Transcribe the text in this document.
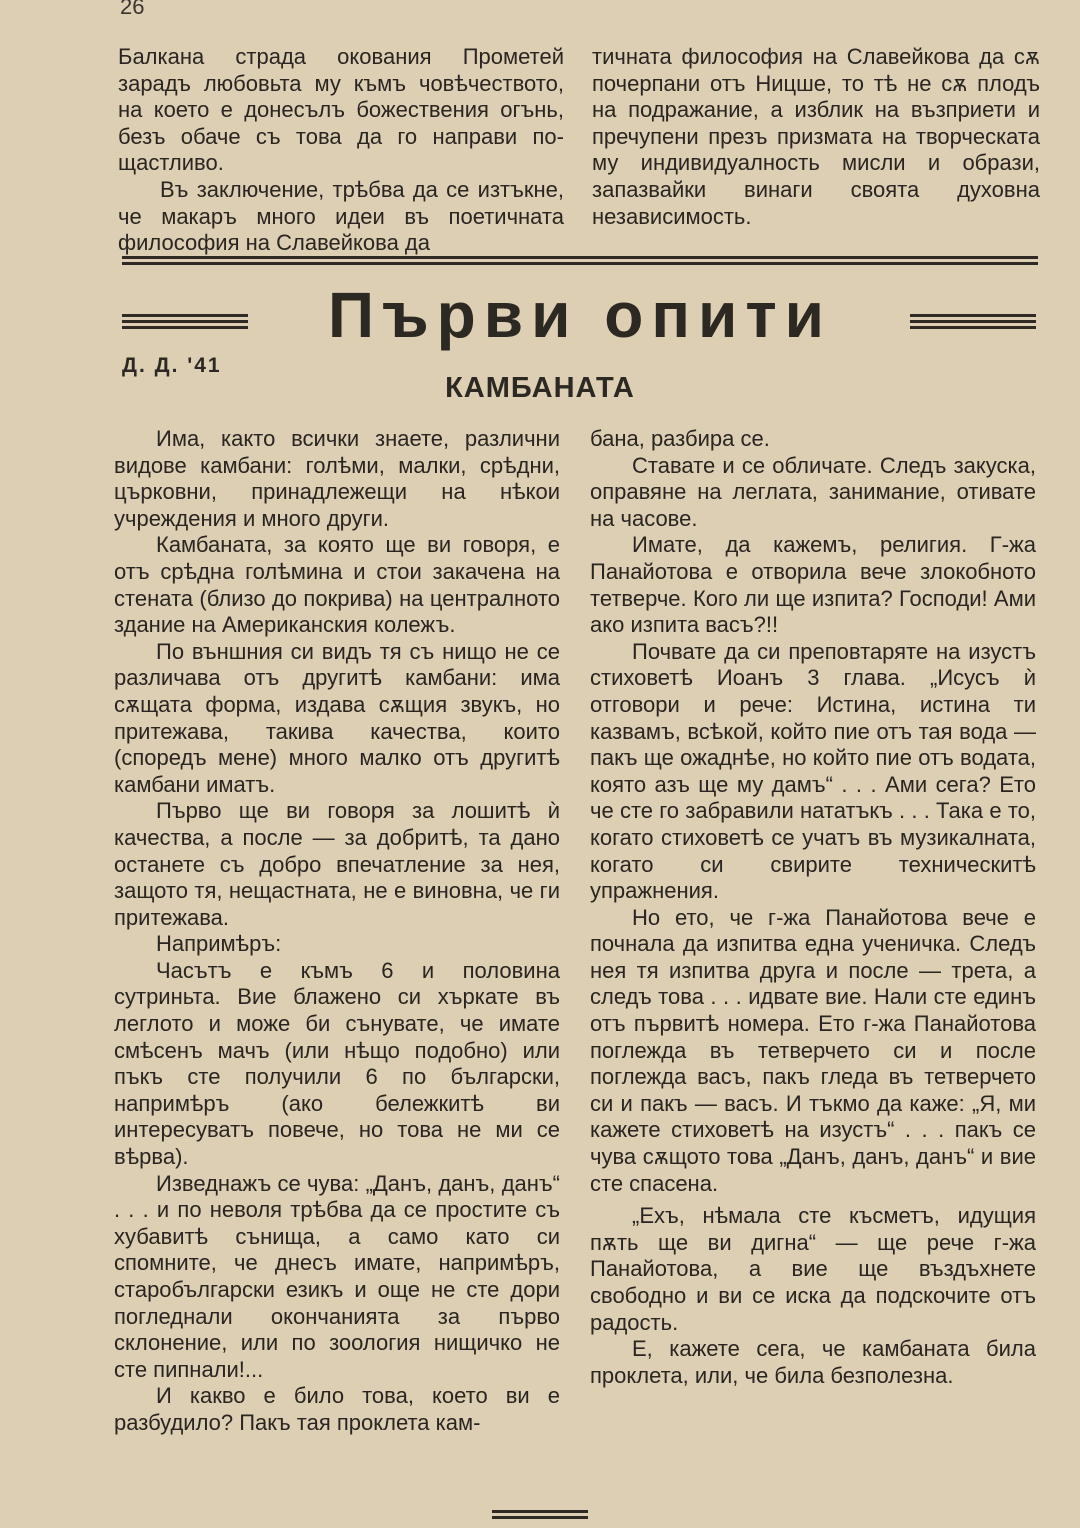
26

Балкана страда окования Прометей зарадъ любовьта му къмъ човѣчеството, на което е донесълъ божествения огънь, безъ обаче съ това да го направи по-щастливо.

Въ заключение, трѣбва да се изтъкне, че макаръ много идеи въ поетичната философия на Славейкова да

тичната философия на Славейкова да сѫ почерпани отъ Ницше, то тѣ не сѫ плодъ на подражание, а изблик на възприети и пречупени презъ призмата на творческата му индивидуалность мисли и образи, запазвайки винаги своята духовна независимость.

Първи опити
Д. Д. '41
КАМБАНАТА

Има, както всички знаете, различни видове камбани: голѣми, малки, срѣдни, църковни, принадлежещи на нѣкои учреждения и много други.

Камбаната, за която ще ви говоря, е отъ срѣдна голѣмина и стои закачена на стената (близо до покрива) на централното здание на Американския колежъ.

По външния си видъ тя съ нищо не се различава отъ другитѣ камбани: има сѫщата форма, издава сѫщия звукъ, но притежава, такива качества, които (споредъ мене) много малко отъ другитѣ камбани иматъ.

Първо ще ви говоря за лошитѣ ѝ качества, а после — за добритѣ, та дано останете съ добро впечатление за нея, защото тя, нещастната, не е виновна, че ги притежава.

Напримѣръ:

Часътъ е къмъ 6 и половина сутриньта. Вие блажено си хъркате въ леглото и може би сънувате, че имате смѣсенъ мачъ (или нѣщо подобно) или пъкъ сте получили 6 по български, напримѣръ (ако бележкитѣ ви интересуватъ повече, но това не ми се вѣрва).

Изведнажъ се чува: „Данъ, данъ, данъ“ . . . и по неволя трѣбва да се простите съ хубавитѣ сънища, а само като си спомните, че днесъ имате, напримѣръ, старобългарски езикъ и още не сте дори погледнали окончанията за първо склонение, или по зоология нищичко не сте пипнали!...

И какво е било това, което ви е разбудило? Пакъ тая проклета кам-

бана, разбира се.

Ставате и се обличате. Следъ закуска, оправяне на леглата, занимание, отивате на часове.

Имате, да кажемъ, религия. Г-жа Панайотова е отворила вече злокобното тетверче. Кого ли ще изпита? Господи! Ами ако изпита васъ?!!

Почвате да си преповтаряте на изустъ стиховетѣ Иоанъ 3 глава. „Исусъ ѝ отговори и рече: Истина, истина ти казвамъ, всѣкой, който пие отъ тая вода — пакъ ще ожаднѣе, но който пие отъ водата, която азъ ще му дамъ“ . . . Ами сега? Ето че сте го забравили нататъкъ . . . Така е то, когато стиховетѣ се учатъ въ музикалната, когато си свирите техническитѣ упражнения.

Но ето, че г-жа Панайотова вече е почнала да изпитва една ученичка. Следъ нея тя изпитва друга и после — трета, а следъ това . . . идвате вие. Нали сте единъ отъ първитѣ номера. Ето г-жа Панайотова поглежда въ тетверчето си и после поглежда васъ, пакъ гледа въ тетверчето си и пакъ — васъ. И тъкмо да каже: „Я, ми кажете стиховетѣ на изустъ“ . . . пакъ се чува сѫщото това „Данъ, данъ, данъ“ и вие сте спасена.

„Ехъ, нѣмала сте късметъ, идущия пѫть ще ви дигна“ — ще рече г-жа Панайотова, а вие ще въздъхнете свободно и ви се иска да подскочите отъ радость.

Е, кажете сега, че камбаната била проклета, или, че била безполезна.
